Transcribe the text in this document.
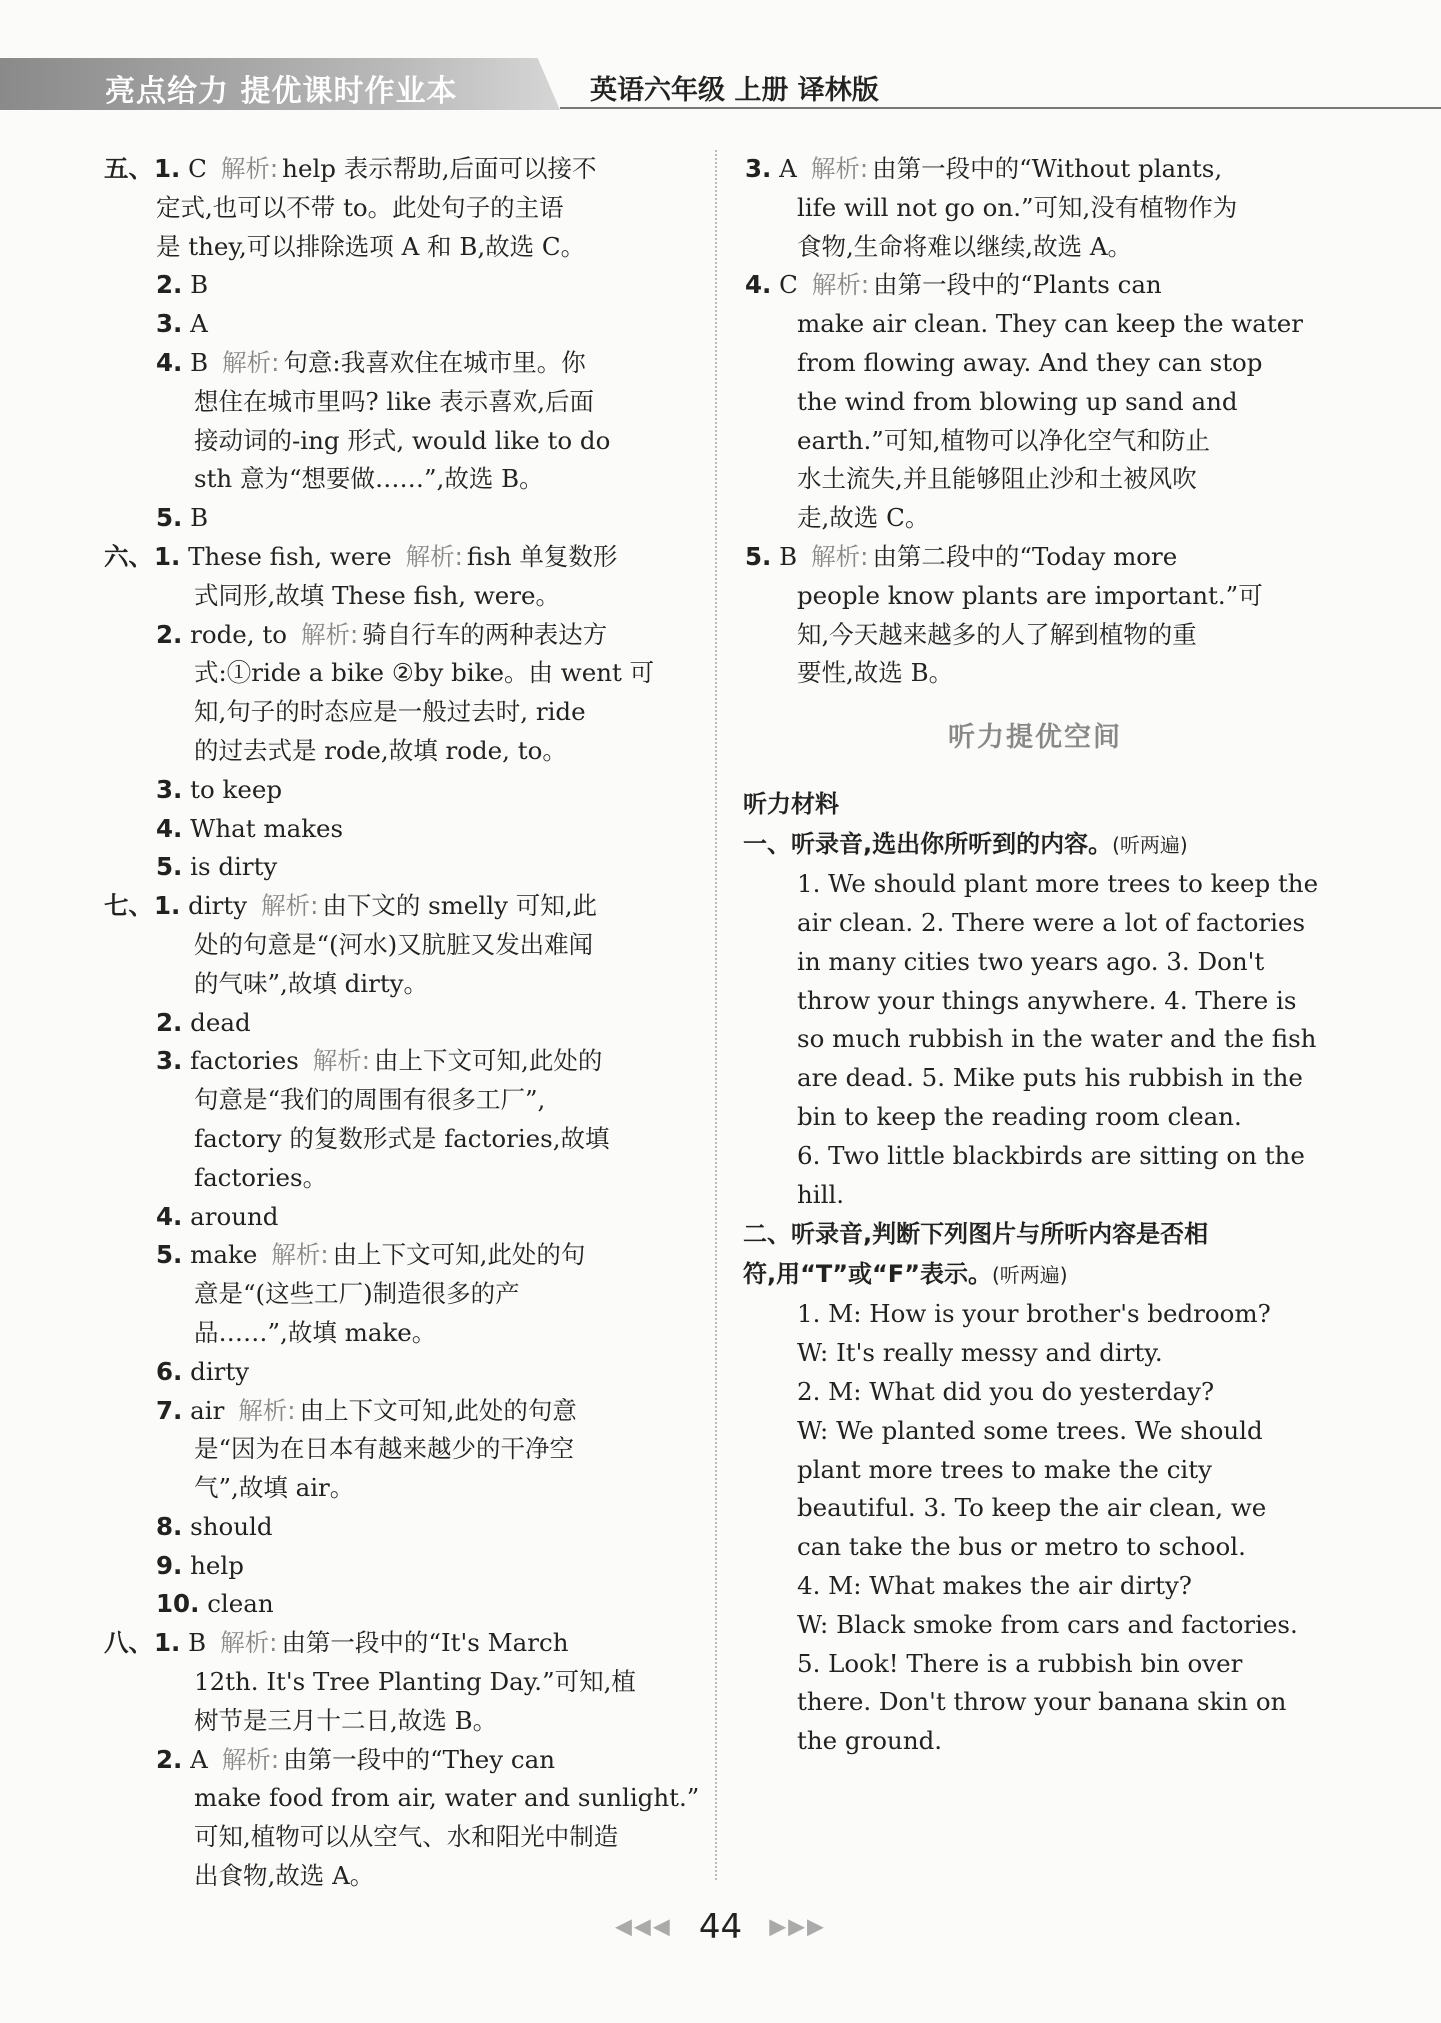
亮点给力 提优课时作业本	英语六年级 上册 译林版
五、1. C 解析: help 表示帮助,后面可以接不
定式,也可以不带 to。此处句子的主语
是 they,可以排除选项 A 和 B,故选 C。
2. B
3. A
4. B 解析: 句意:我喜欢住在城市里。你
想住在城市里吗? like 表示喜欢,后面
接动词的-ing 形式, would like to do
sth 意为“想要做……”,故选 B。
5. B
六、1. These fish, were 解析: fish 单复数形
式同形,故填 These fish, were。
2. rode, to 解析: 骑自行车的两种表达方
式:①ride a bike ②by bike。由 went 可
知,句子的时态应是一般过去时, ride
的过去式是 rode,故填 rode, to。
3. to keep
4. What makes
5. is dirty
七、1. dirty 解析: 由下文的 smelly 可知,此
处的句意是“(河水)又肮脏又发出难闻
的气味”,故填 dirty。
2. dead
3. factories 解析: 由上下文可知,此处的
句意是“我们的周围有很多工厂”,
factory 的复数形式是 factories,故填
factories。
4. around
5. make 解析: 由上下文可知,此处的句
意是“(这些工厂)制造很多的产
品……”,故填 make。
6. dirty
7. air 解析: 由上下文可知,此处的句意
是“因为在日本有越来越少的干净空
气”,故填 air。
8. should
9. help
10. clean
八、1. B 解析: 由第一段中的“It's March
12th. It's Tree Planting Day.”可知,植
树节是三月十二日,故选 B。
2. A 解析: 由第一段中的“They can
make food from air, water and sunlight.”
可知,植物可以从空气、水和阳光中制造
出食物,故选 A。
3. A 解析: 由第一段中的“Without plants,
life will not go on.”可知,没有植物作为
食物,生命将难以继续,故选 A。
4. C 解析: 由第一段中的“Plants can
make air clean. They can keep the water
from flowing away. And they can stop
the wind from blowing up sand and
earth.”可知,植物可以净化空气和防止
水土流失,并且能够阻止沙和土被风吹
走,故选 C。
5. B 解析: 由第二段中的“Today more
people know plants are important.”可
知,今天越来越多的人了解到植物的重
要性,故选 B。
听力提优空间
听力材料
一、听录音,选出你所听到的内容。(听两遍)
1. We should plant more trees to keep the
air clean. 2. There were a lot of factories
in many cities two years ago. 3. Don't
throw your things anywhere. 4. There is
so much rubbish in the water and the fish
are dead. 5. Mike puts his rubbish in the
bin to keep the reading room clean.
6. Two little blackbirds are sitting on the
hill.
二、听录音,判断下列图片与所听内容是否相
符,用“T”或“F”表示。(听两遍)
1. M: How is your brother's bedroom?
W: It's really messy and dirty.
2. M: What did you do yesterday?
W: We planted some trees. We should
plant more trees to make the city
beautiful. 3. To keep the air clean, we
can take the bus or metro to school.
4. M: What makes the air dirty?
W: Black smoke from cars and factories.
5. Look! There is a rubbish bin over
there. Don't throw your banana skin on
the ground.
◀◀◀ 44 ▶▶▶
